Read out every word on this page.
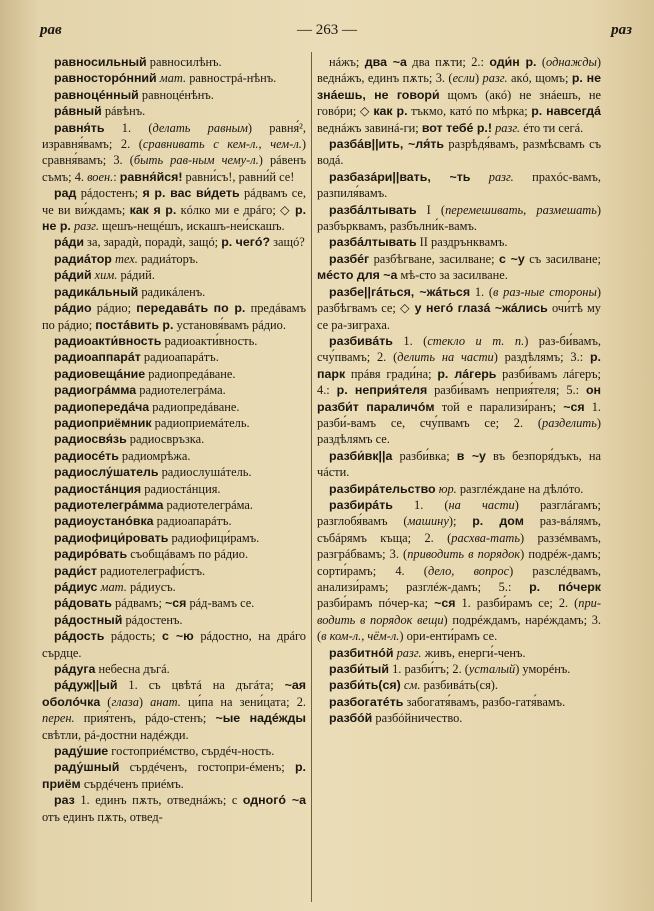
рав	— 263 —	раз

равносильный равносилѣнъ.

равносторóнний мат. равнострá-нѣнъ.

равноцéнный равноцéнѣнъ.

рáвный рáвѣнъ.

равня́ть 1. (делать равным) равня́², изравня́вамъ; 2. (сравнивать с кем-л., чем-л.) сравня́вамъ; 3. (быть рав-ным чему-л.) рáвенъ съмъ; 4. воен.: равня́йся! равни́съ!, равни́й се!

рад рáдостенъ; я р. вас ви́деть рáдвамъ се, че ви ви́ждамъ; как я р. кóлко ми е дрáго; ◇ р. не р. разг. щешъ-нещéшъ, искашъ-неи́скашъ.

рáди за, зарадѝ, порадѝ, защó; р. чегó? защó?

радиáтор тех. радиáторъ.

рáдий хим. рáдий.

радикáльный радикáленъ.

рáдио рáдио; передавáть по р. предáвамъ по рáдио; постáвить р. установя́вамъ рáдио.

радиоакти́вность радиоакти́вность.

радиоаппарáт радиоапарáтъ.

радиовещáние радиопредáване.

радиогрáмма радиотелегрáма.

радиопередáча радиопредáване.

радиоприёмник радиоприемáтель.

радиосвя́зь радиосвръзка.

радиосéть радиомрѣжа.

радиослу́шатель радиослушáтель.

радиостáнция радиостáнция.

радиотелегрáмма радиотелегрáма.

радиоустанóвка радиоапарáтъ.

радиофици́ровать радиофици́рамъ.

радирóвать съобщáвамъ по рáдио.

ради́ст радиотелеграфи́стъ.

рáдиус мат. рáдиусъ.

рáдовать рáдвамъ; ~ся рáд-вамъ се.

рáдостный рáдостенъ.

рáдость рáдость; с ~ю рáдостно, на дрáго сърдце.

рáдуга небесна дъгá.

рáдуж||ый 1. съ цвѣтá на дъгáта; ~ая оболóчка (глаза) анат. ци́па на зени́цата; 2. перен. прия́тенъ, рáдо-стенъ; ~ые надéжды свѣтли, рá-достни надéжди.

раду́шие гостоприéмство, сърдéч-ность.

раду́шный сърдéченъ, гостопри-éменъ; р. приём сърдéченъ приéмъ.

раз 1. единъ пѫть, отведнáжъ; с одногó ~а отъ единъ пѫть, отвед-

нáжъ; два ~а два пѫти; 2.: оди́н р. (однажды) веднáжъ, единъ пѫть; 3. (если) разг. акó, щомъ; р. не знáешь, не говори́ щомъ (акó) не знáешъ, не говóри; ◇ как р. тъкмо, катó по мѣрка; р. навсегдá веднáжъ завинá-ги; вот тебé р.! разг. éто ти сегá.

разбáв||ить, ~ля́ть разрѣдя́вамъ, размѣсвамъ съ водá.

разбазáри||вать, ~ть разг. прахóс-вамъ, разпиля́вамъ.

разбáлтывать I (перемешивать, размешать) разбърквамъ, разбълни́к-вамъ.

разбáлтывать II раздрънквамъ.

разбéг разбѣгване, засилване; с ~у съ засилване; мéсто для ~а мѣ-сто за засилване.

разбе||гáться, ~жáться 1. (в раз-ные стороны) разбѣгвамъ се; ◇ у негó глазá ~жáлись очи́тѣ му се ра-зиграха.

разбивáть 1. (стекло и т. п.) раз-би́вамъ, счу́пвамъ; 2. (делить на части) раздѣлямъ; 3.: р. парк прáвя гради́на; р. лáгерь разби́вамъ лáгеръ; 4.: р. неприя́теля разби́вамъ неприя́теля; 5.: он разби́т параличóм той е парализи́ранъ; ~ся 1. разби́-вамъ се, счу́пвамъ се; 2. (разделить) раздѣлямъ се.

разби́вк||а разби́вка; в ~у въ безпоря́дъкъ, на чáсти.

разбирáтельство юр. разглéждане на дѣлóто.

разбирáть 1. (на части) разглáгамъ; разглобя́вамъ (машину); р. дом раз-вáлямъ, събáрямъ къща; 2. (расхва-тать) раззéмвамъ, разгрáбвамъ; 3. (приводить в порядок) подрéж-дамъ; сорти́рамъ; 4. (дело, вопрос) разслéдвамъ, анализи́рамъ; разглéж-дамъ; 5.: р. пóчерк разби́рамъ пóчер-ка; ~ся 1. разби́рамъ се; 2. (при-водить в порядок вещи) подрéждамъ, нарéждамъ; 3. (в ком-л., чём-л.) ори-енти́рамъ се.

разбитнóй разг. живъ, енерги́-ченъ.

разби́тый 1. разби́тъ; 2. (усталый) уморéнъ.

разби́ть(ся) см. разбивáть(ся).

разбогатéть забогатя́вамъ, разбо-гатя́вамъ.

разбóй разбóйничество.
